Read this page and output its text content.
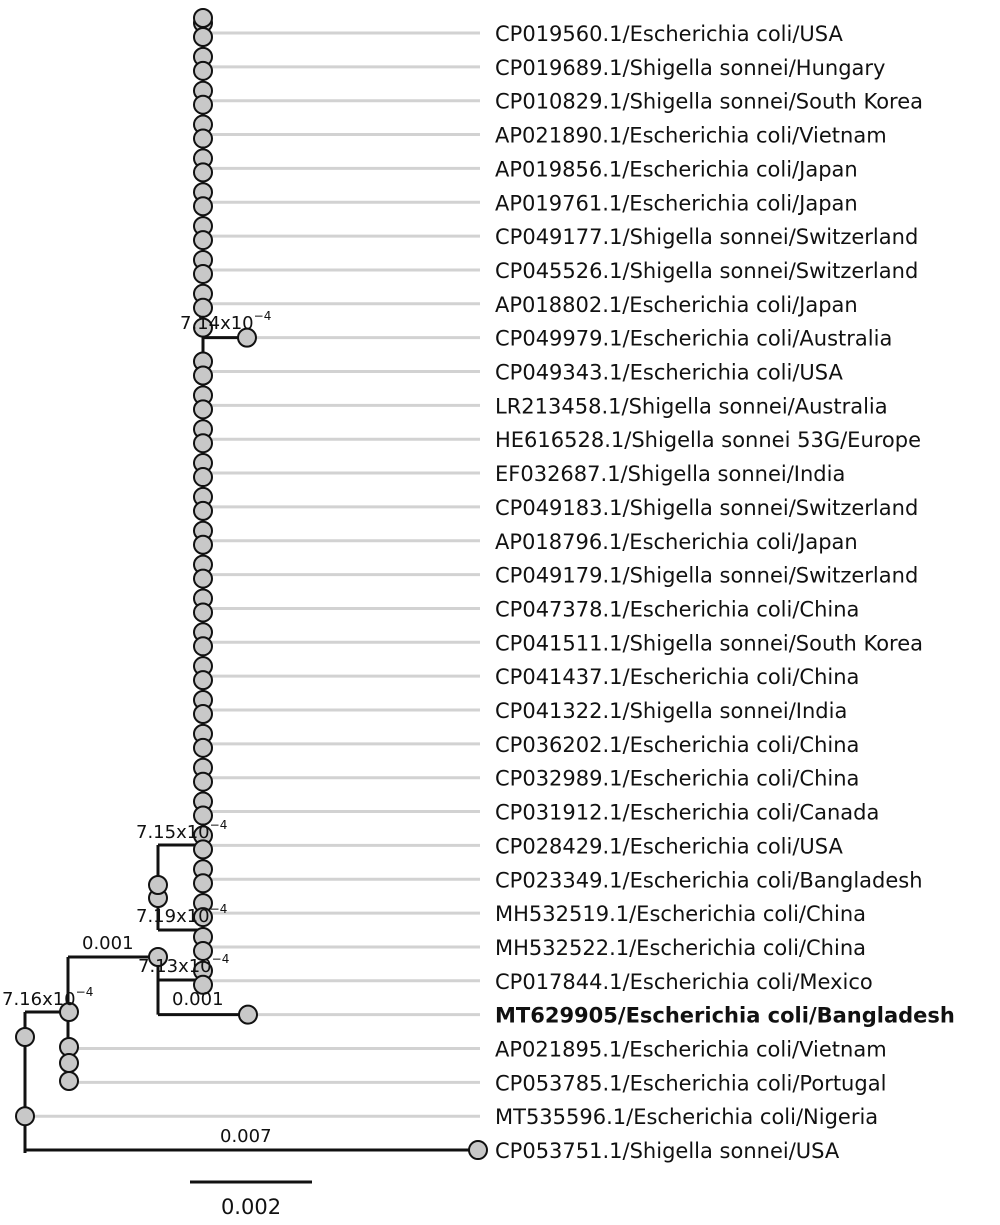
CP019560.1/Escherichia coli/USA
CP019689.1/Shigella sonnei/Hungary
CP010829.1/Shigella sonnei/South Korea
AP021890.1/Escherichia coli/Vietnam
AP019856.1/Escherichia coli/Japan
AP019761.1/Escherichia coli/Japan
CP049177.1/Shigella sonnei/Switzerland
CP045526.1/Shigella sonnei/Switzerland
AP018802.1/Escherichia coli/Japan
CP049979.1/Escherichia coli/Australia
CP049343.1/Escherichia coli/USA
LR213458.1/Shigella sonnei/Australia
HE616528.1/Shigella sonnei 53G/Europe
EF032687.1/Shigella sonnei/India
CP049183.1/Shigella sonnei/Switzerland
AP018796.1/Escherichia coli/Japan
CP049179.1/Shigella sonnei/Switzerland
CP047378.1/Escherichia coli/China
CP041511.1/Shigella sonnei/South Korea
CP041437.1/Escherichia coli/China
CP041322.1/Shigella sonnei/India
CP036202.1/Escherichia coli/China
CP032989.1/Escherichia coli/China
CP031912.1/Escherichia coli/Canada
CP028429.1/Escherichia coli/USA
CP023349.1/Escherichia coli/Bangladesh
MH532519.1/Escherichia coli/China
MH532522.1/Escherichia coli/China
CP017844.1/Escherichia coli/Mexico
MT629905/Escherichia coli/Bangladesh
AP021895.1/Escherichia coli/Vietnam
CP053785.1/Escherichia coli/Portugal
MT535596.1/Escherichia coli/Nigeria
CP053751.1/Shigella sonnei/USA
$7.14x10^{-4}$
$7.15x10^{-4}$
$7.19x10^{-4}$
$7.13x10^{-4}$
$7.16x10^{-4}$
0.001
0.001
0.007
0.002
